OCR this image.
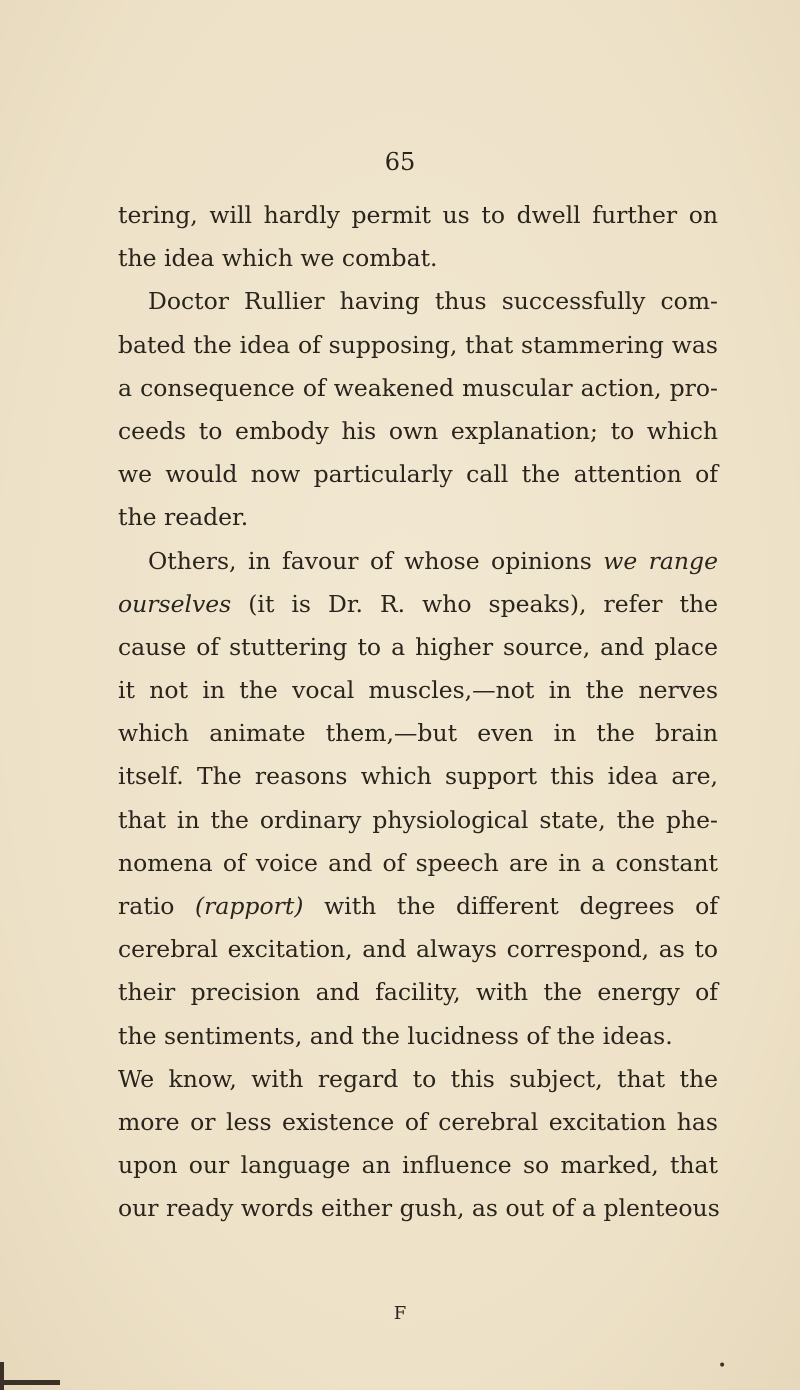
65
tering, will hardly permit us to dwell further on
the idea which we combat.
Doctor Rullier having thus successfully com-
bated the idea of supposing, that stammering was
a consequence of weakened muscular action, pro-
ceeds to embody his own explanation; to which
we would now particularly call the attention of
the reader.
Others, in favour of whose opinions we range
ourselves (it is Dr. R. who speaks), refer the
cause of stuttering to a higher source, and place
it not in the vocal muscles,—not in the nerves
which animate them,—but even in the brain
itself. The reasons which support this idea are,
that in the ordinary physiological state, the phe-
nomena of voice and of speech are in a constant
ratio (rapport) with the different degrees of
cerebral excitation, and always correspond, as to
their precision and facility, with the energy of
the sentiments, and the lucidness of the ideas.
We know, with regard to this subject, that the
more or less existence of cerebral excitation has
upon our language an influence so marked, that
our ready words either gush, as out of a plenteous
F
•
